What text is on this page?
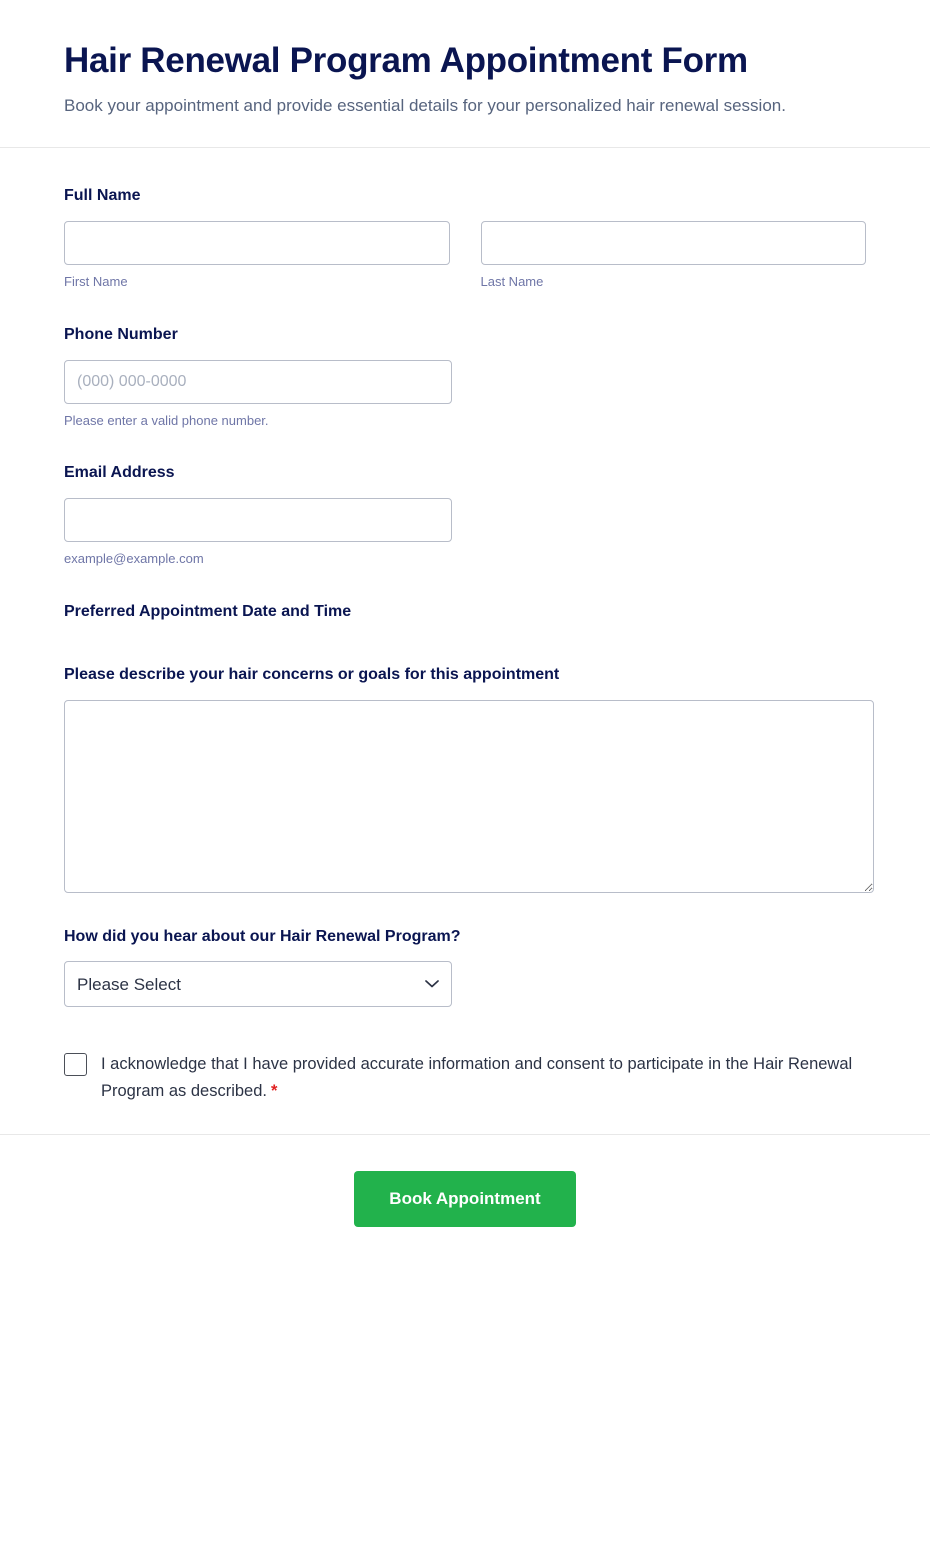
Hair Renewal Program Appointment Form

Book your appointment and provide essential details for your personalized hair renewal session.

Full Name
First Name	Last Name
Phone Number
(000) 000-0000
Please enter a valid phone number.
Email Address
example@example.com
Preferred Appointment Date and Time
Please describe your hair concerns or goals for this appointment
How did you hear about our Hair Renewal Program?
Please Select
I acknowledge that I have provided accurate information and consent to participate in the Hair Renewal Program as described. *
Book Appointment
